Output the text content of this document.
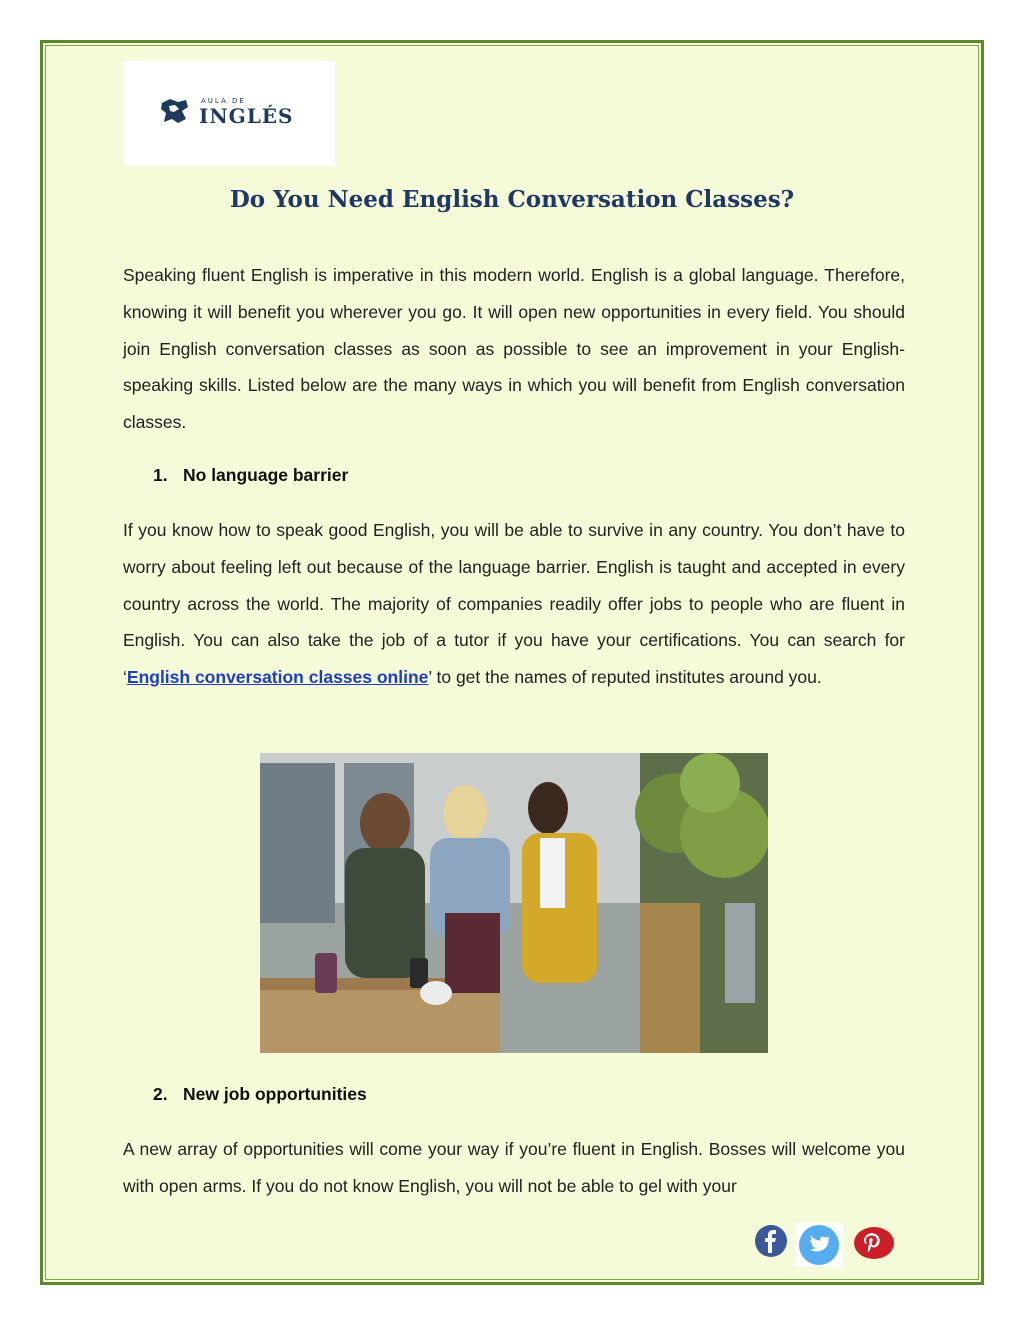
AULA DE
INGLÉS
Do You Need English Conversation Classes?

Speaking fluent English is imperative in this modern world. English is a global language. Therefore, knowing it will benefit you wherever you go. It will open new opportunities in every field. You should join English conversation classes as soon as possible to see an improvement in your English-speaking skills. Listed below are the many ways in which you will benefit from English conversation classes.

1. No language barrier

If you know how to speak good English, you will be able to survive in any country. You don’t have to worry about feeling left out because of the language barrier. English is taught and accepted in every country across the world. The majority of companies readily offer jobs to people who are fluent in English. You can also take the job of a tutor if you have your certifications. You can search for ‘English conversation classes online’ to get the names of reputed institutes around you.

2. New job opportunities

A new array of opportunities will come your way if you’re fluent in English. Bosses will welcome you with open arms. If you do not know English, you will not be able to gel with your
